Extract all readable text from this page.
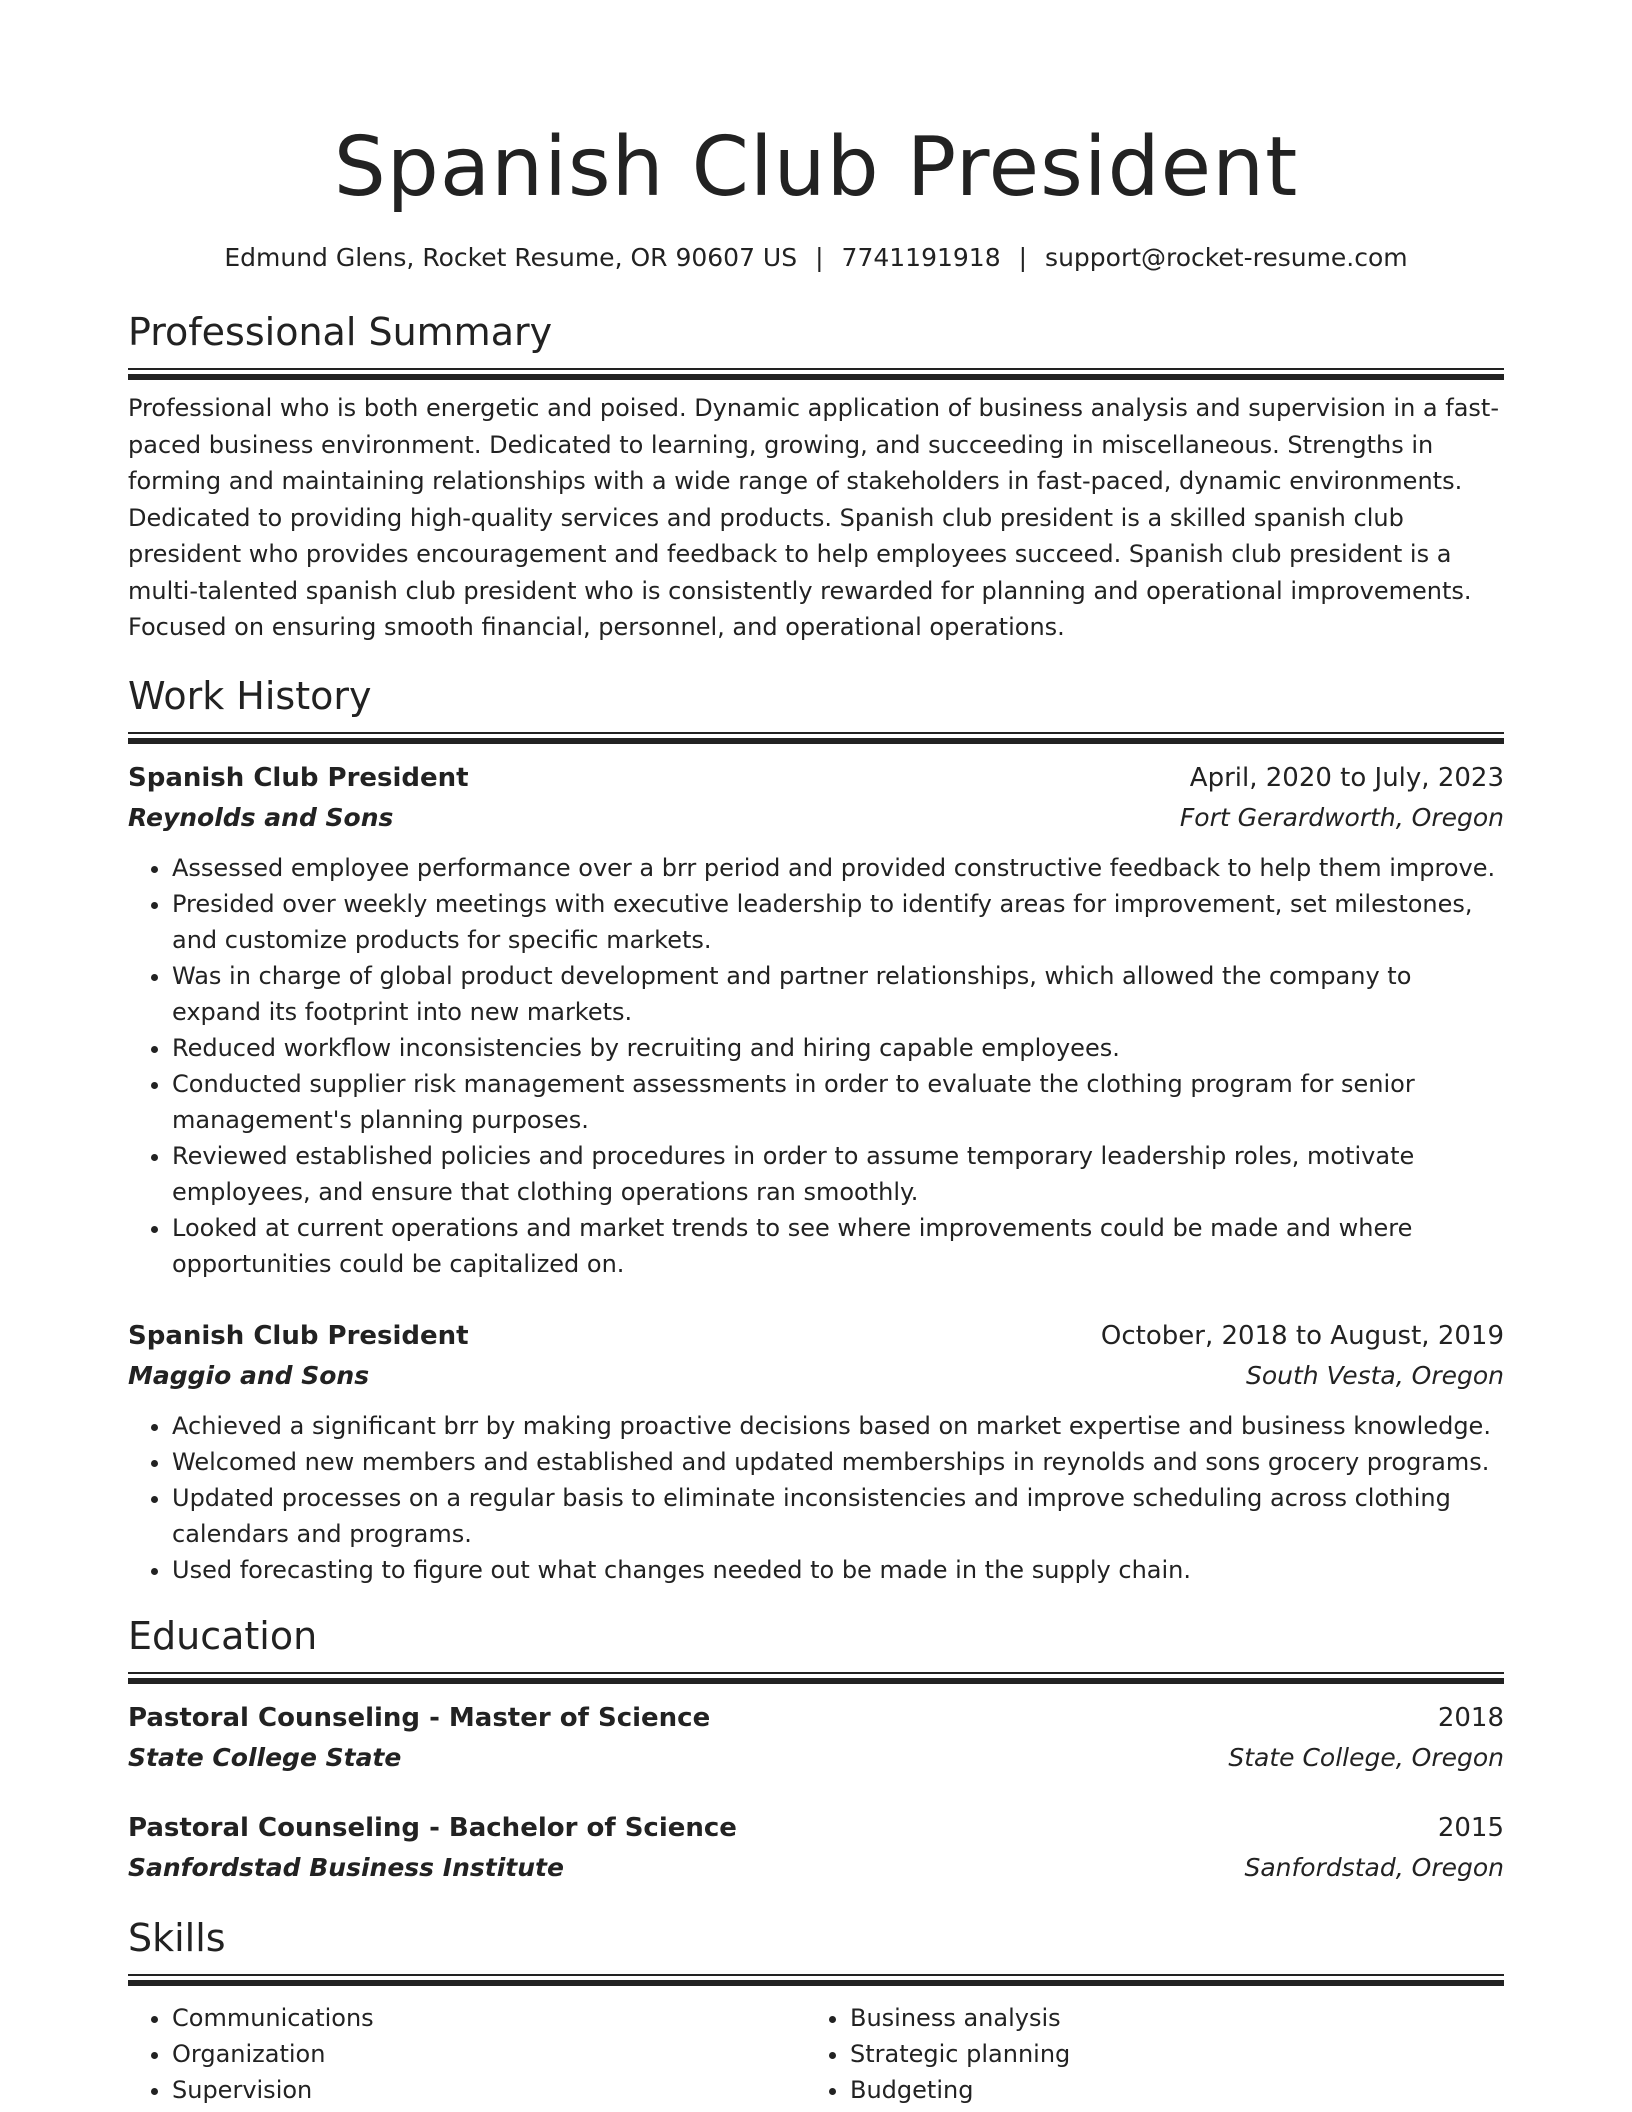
Spanish Club President
Edmund Glens, Rocket Resume, OR 90607 US | 7741191918 | support@rocket-resume.com
Professional Summary
Professional who is both energetic and poised. Dynamic application of business analysis and supervision in a fast-paced business environment. Dedicated to learning, growing, and succeeding in miscellaneous. Strengths in forming and maintaining relationships with a wide range of stakeholders in fast-paced, dynamic environments. Dedicated to providing high-quality services and products. Spanish club president is a skilled spanish club president who provides encouragement and feedback to help employees succeed. Spanish club president is a multi-talented spanish club president who is consistently rewarded for planning and operational improvements. Focused on ensuring smooth financial, personnel, and operational operations.
Work History
Spanish Club President	April, 2020 to July, 2023
Reynolds and Sons	Fort Gerardworth, Oregon
• Assessed employee performance over a brr period and provided constructive feedback to help them improve.
• Presided over weekly meetings with executive leadership to identify areas for improvement, set milestones, and customize products for specific markets.
• Was in charge of global product development and partner relationships, which allowed the company to expand its footprint into new markets.
• Reduced workflow inconsistencies by recruiting and hiring capable employees.
• Conducted supplier risk management assessments in order to evaluate the clothing program for senior management's planning purposes.
• Reviewed established policies and procedures in order to assume temporary leadership roles, motivate employees, and ensure that clothing operations ran smoothly.
• Looked at current operations and market trends to see where improvements could be made and where opportunities could be capitalized on.
Spanish Club President	October, 2018 to August, 2019
Maggio and Sons	South Vesta, Oregon
• Achieved a significant brr by making proactive decisions based on market expertise and business knowledge.
• Welcomed new members and established and updated memberships in reynolds and sons grocery programs.
• Updated processes on a regular basis to eliminate inconsistencies and improve scheduling across clothing calendars and programs.
• Used forecasting to figure out what changes needed to be made in the supply chain.
Education
Pastoral Counseling - Master of Science	2018
State College State	State College, Oregon
Pastoral Counseling - Bachelor of Science	2015
Sanfordstad Business Institute	Sanfordstad, Oregon
Skills
• Communications
• Organization
• Supervision
• Business analysis
• Strategic planning
• Budgeting
